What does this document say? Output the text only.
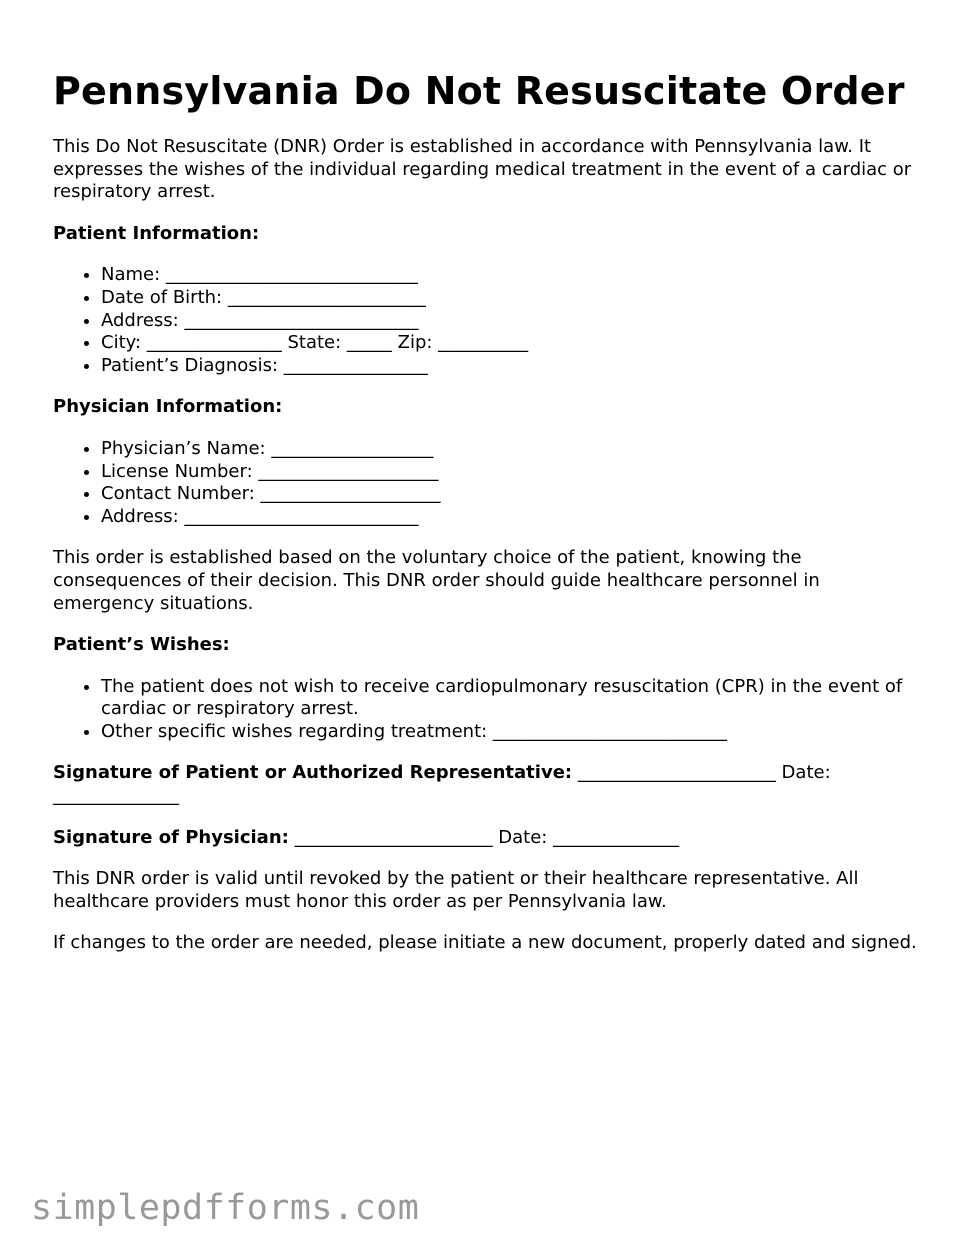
Pennsylvania Do Not Resuscitate Order

This Do Not Resuscitate (DNR) Order is established in accordance with Pennsylvania law. It expresses the wishes of the individual regarding medical treatment in the event of a cardiac or respiratory arrest.

Patient Information:

• Name: ____________________________
• Date of Birth: ______________________
• Address: __________________________
• City: _______________ State: _____ Zip: __________
• Patient’s Diagnosis: ________________

Physician Information:

• Physician’s Name: __________________
• License Number: ____________________
• Contact Number: ____________________
• Address: __________________________

This order is established based on the voluntary choice of the patient, knowing the consequences of their decision. This DNR order should guide healthcare personnel in emergency situations.

Patient’s Wishes:

• The patient does not wish to receive cardiopulmonary resuscitation (CPR) in the event of cardiac or respiratory arrest.
• Other specific wishes regarding treatment: __________________________

Signature of Patient or Authorized Representative: ______________________ Date: ______________

Signature of Physician: ______________________ Date: ______________

This DNR order is valid until revoked by the patient or their healthcare representative. All healthcare providers must honor this order as per Pennsylvania law.

If changes to the order are needed, please initiate a new document, properly dated and signed.

simplepdfforms.com
